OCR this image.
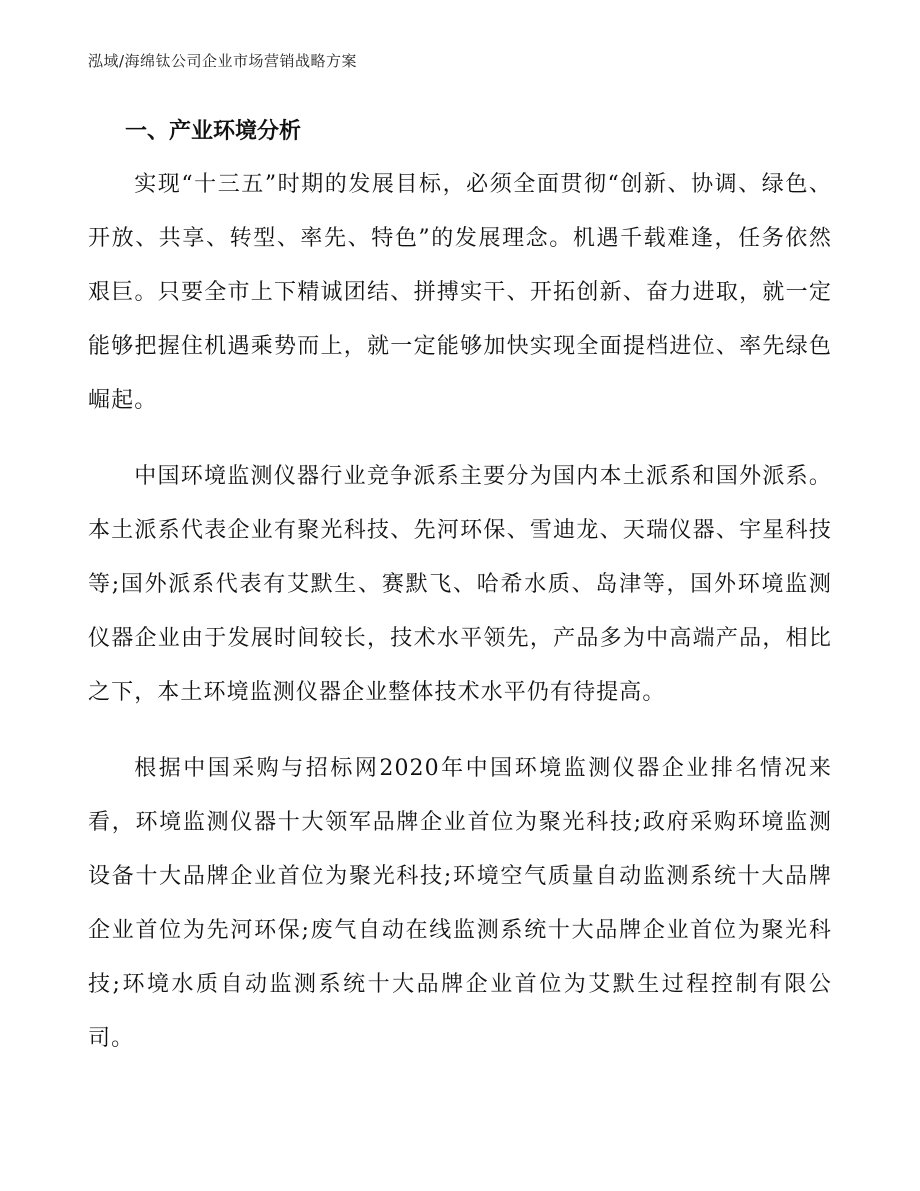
泓域/海绵钛公司企业市场营销战略方案
一、产业环境分析

实现“十三五”时期的发展目标，必须全面贯彻“创新、协调、绿色、开放、共享、转型、率先、特色”的发展理念。机遇千载难逢，任务依然艰巨。只要全市上下精诚团结、拼搏实干、开拓创新、奋力进取，就一定能够把握住机遇乘势而上，就一定能够加快实现全面提档进位、率先绿色崛起。

中国环境监测仪器行业竞争派系主要分为国内本土派系和国外派系。本土派系代表企业有聚光科技、先河环保、雪迪龙、天瑞仪器、宇星科技等;国外派系代表有艾默生、赛默飞、哈希水质、岛津等，国外环境监测仪器企业由于发展时间较长，技术水平领先，产品多为中高端产品，相比之下，本土环境监测仪器企业整体技术水平仍有待提高。

根据中国采购与招标网2020年中国环境监测仪器企业排名情况来看，环境监测仪器十大领军品牌企业首位为聚光科技;政府采购环境监测设备十大品牌企业首位为聚光科技;环境空气质量自动监测系统十大品牌企业首位为先河环保;废气自动在线监测系统十大品牌企业首位为聚光科技;环境水质自动监测系统十大品牌企业首位为艾默生过程控制有限公司。
